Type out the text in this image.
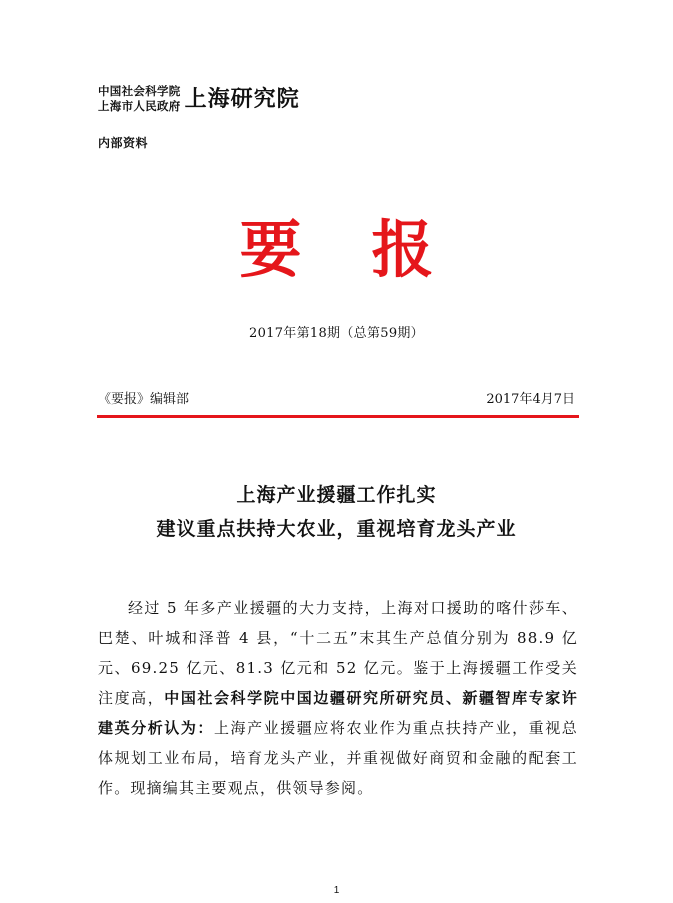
中国社会科学院
上海市人民政府 上海研究院
内部资料
要报
2017年第18期（总第59期）
《要报》编辑部	2017年4月7日
上海产业援疆工作扎实
建议重点扶持大农业，重视培育龙头产业

经过 5 年多产业援疆的大力支持，上海对口援助的喀什莎车、巴楚、叶城和泽普 4 县，“十二五”末其生产总值分别为 88.9 亿元、69.25 亿元、81.3 亿元和 52 亿元。鉴于上海援疆工作受关注度高，中国社会科学院中国边疆研究所研究员、新疆智库专家许建英分析认为：上海产业援疆应将农业作为重点扶持产业，重视总体规划工业布局，培育龙头产业，并重视做好商贸和金融的配套工作。现摘编其主要观点，供领导参阅。

1
